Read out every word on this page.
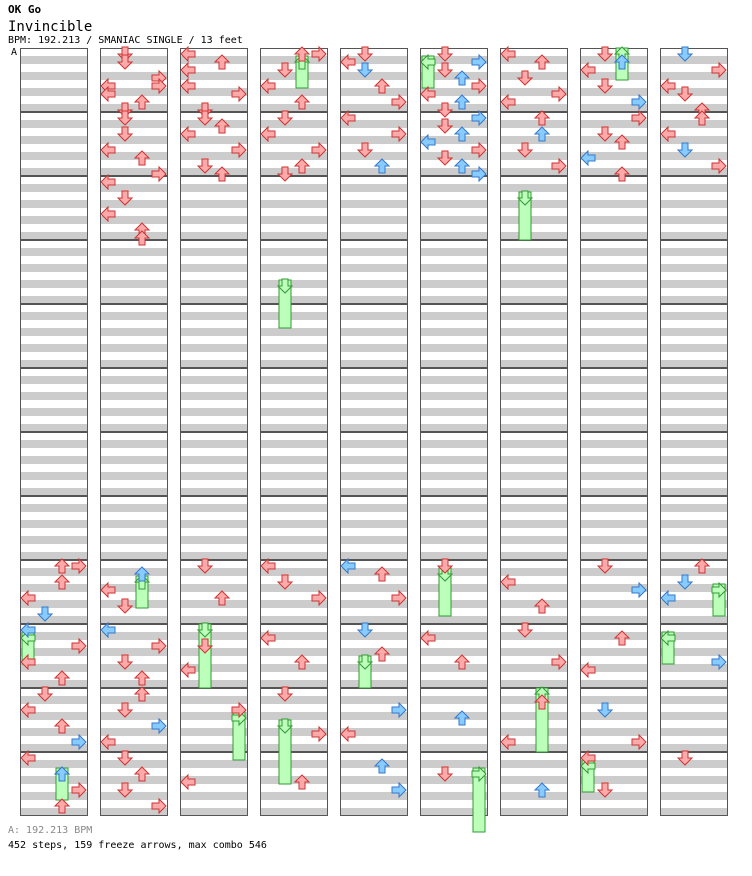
OK Go
Invincible
BPM: 192.213 / SMANIAC SINGLE / 13 feet
A
A: 192.213 BPM
452 steps, 159 freeze arrows, max combo 546
